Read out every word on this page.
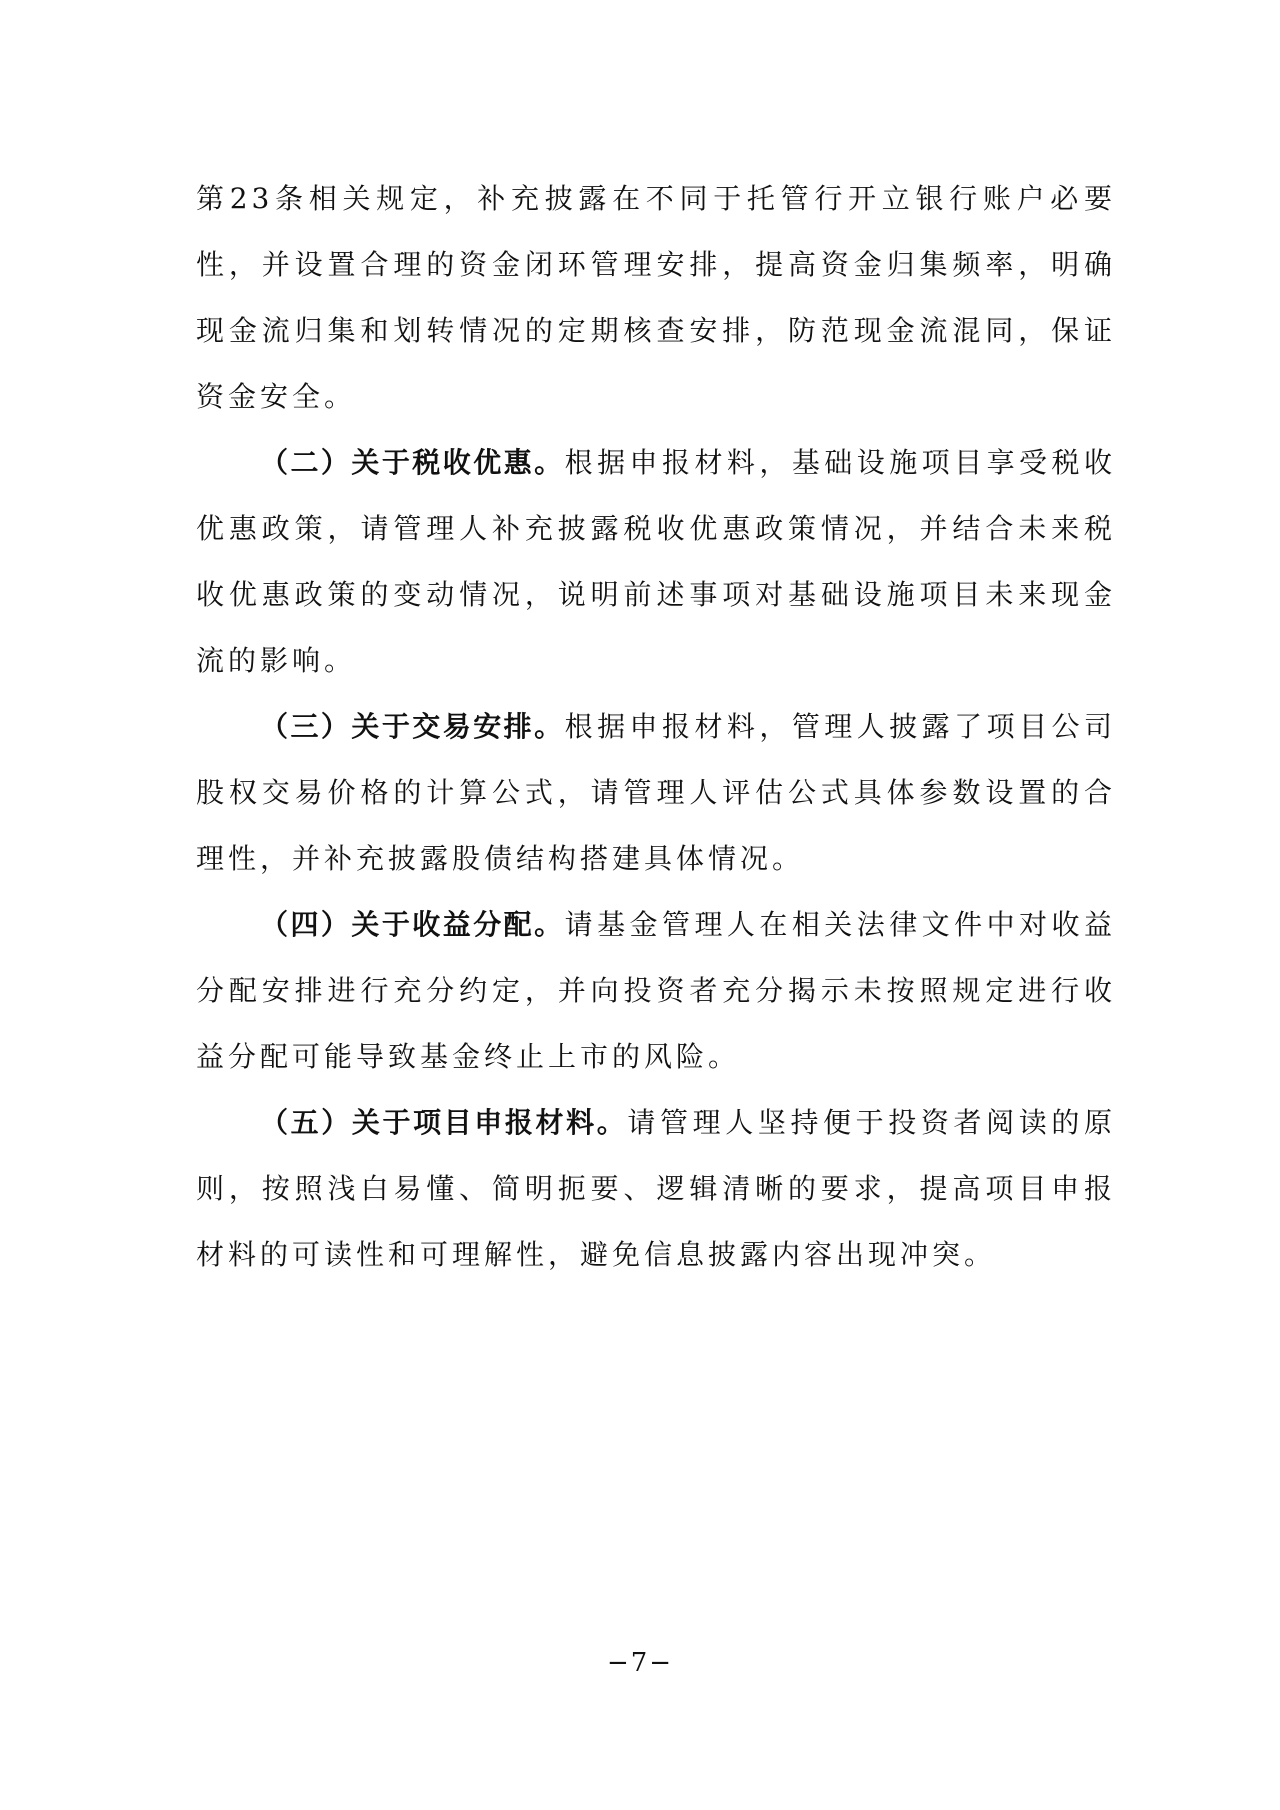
第23条相关规定，补充披露在不同于托管行开立银行账户必要性，并设置合理的资金闭环管理安排，提高资金归集频率，明确现金流归集和划转情况的定期核查安排，防范现金流混同，保证资金安全。

（二）关于税收优惠。根据申报材料，基础设施项目享受税收优惠政策，请管理人补充披露税收优惠政策情况，并结合未来税收优惠政策的变动情况，说明前述事项对基础设施项目未来现金流的影响。

（三）关于交易安排。根据申报材料，管理人披露了项目公司股权交易价格的计算公式，请管理人评估公式具体参数设置的合理性，并补充披露股债结构搭建具体情况。

（四）关于收益分配。请基金管理人在相关法律文件中对收益分配安排进行充分约定，并向投资者充分揭示未按照规定进行收益分配可能导致基金终止上市的风险。

（五）关于项目申报材料。请管理人坚持便于投资者阅读的原则，按照浅白易懂、简明扼要、逻辑清晰的要求，提高项目申报材料的可读性和可理解性，避免信息披露内容出现冲突。

−7−
